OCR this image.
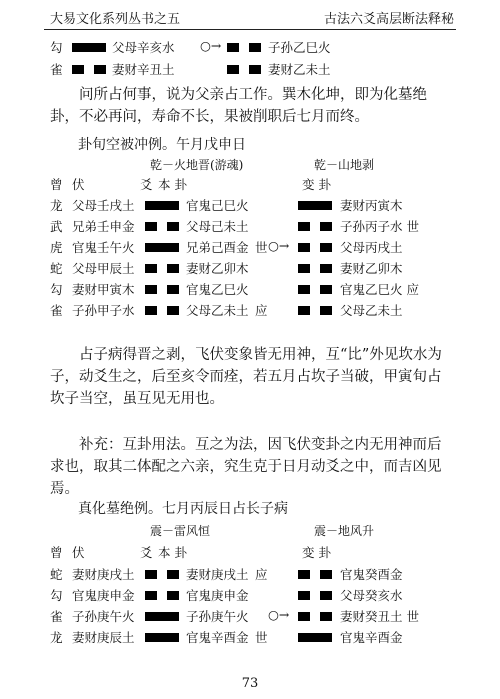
大易文化系列丛书之五	古法六爻高层断法释秘
勾	父母辛亥水 ○→	子孙乙巳火
雀	妻财辛丑土	妻财乙未土
问所占何事，说为父亲占工作。巽木化坤，即为化墓绝卦，不必再问，寿命不长，果被削职后七月而终。
卦旬空被冲例。午月戊申日
乾－火地晋(游魂)	乾－山地剥
曾 伏	爻 本 卦	变 卦
龙 父母壬戌土	官鬼己巳火	妻财丙寅木
武 兄弟壬申金	父母己未土	子孙丙子水 世
虎 官鬼壬午火	兄弟己酉金 世 ○→	父母丙戌土
蛇 父母甲辰土	妻财乙卯木	妻财乙卯木
勾 妻财甲寅木	官鬼乙巳火	官鬼乙巳火 应
雀 子孙甲子水	父母乙未土 应	父母乙未土
占子病得晋之剥，飞伏变象皆无用神，互“比”外见坎水为子，动爻生之，后至亥令而痊，若五月占坎子当破，甲寅旬占坎子当空，虽互见无用也。
补充：互卦用法。互之为法，因飞伏变卦之内无用神而后求也，取其二体配之六亲，究生克于日月动爻之中，而吉凶见焉。
真化墓绝例。七月丙辰日占长子病
震－雷风恒	震－地风升
曾 伏	爻 本 卦	变 卦
蛇 妻财庚戌土	妻财庚戌土 应	官鬼癸酉金
勾 官鬼庚申金	官鬼庚申金	父母癸亥水
雀 子孙庚午火	子孙庚午火 ○→	妻财癸丑土 世
龙 妻财庚辰土	官鬼辛酉金 世	官鬼辛酉金
73
